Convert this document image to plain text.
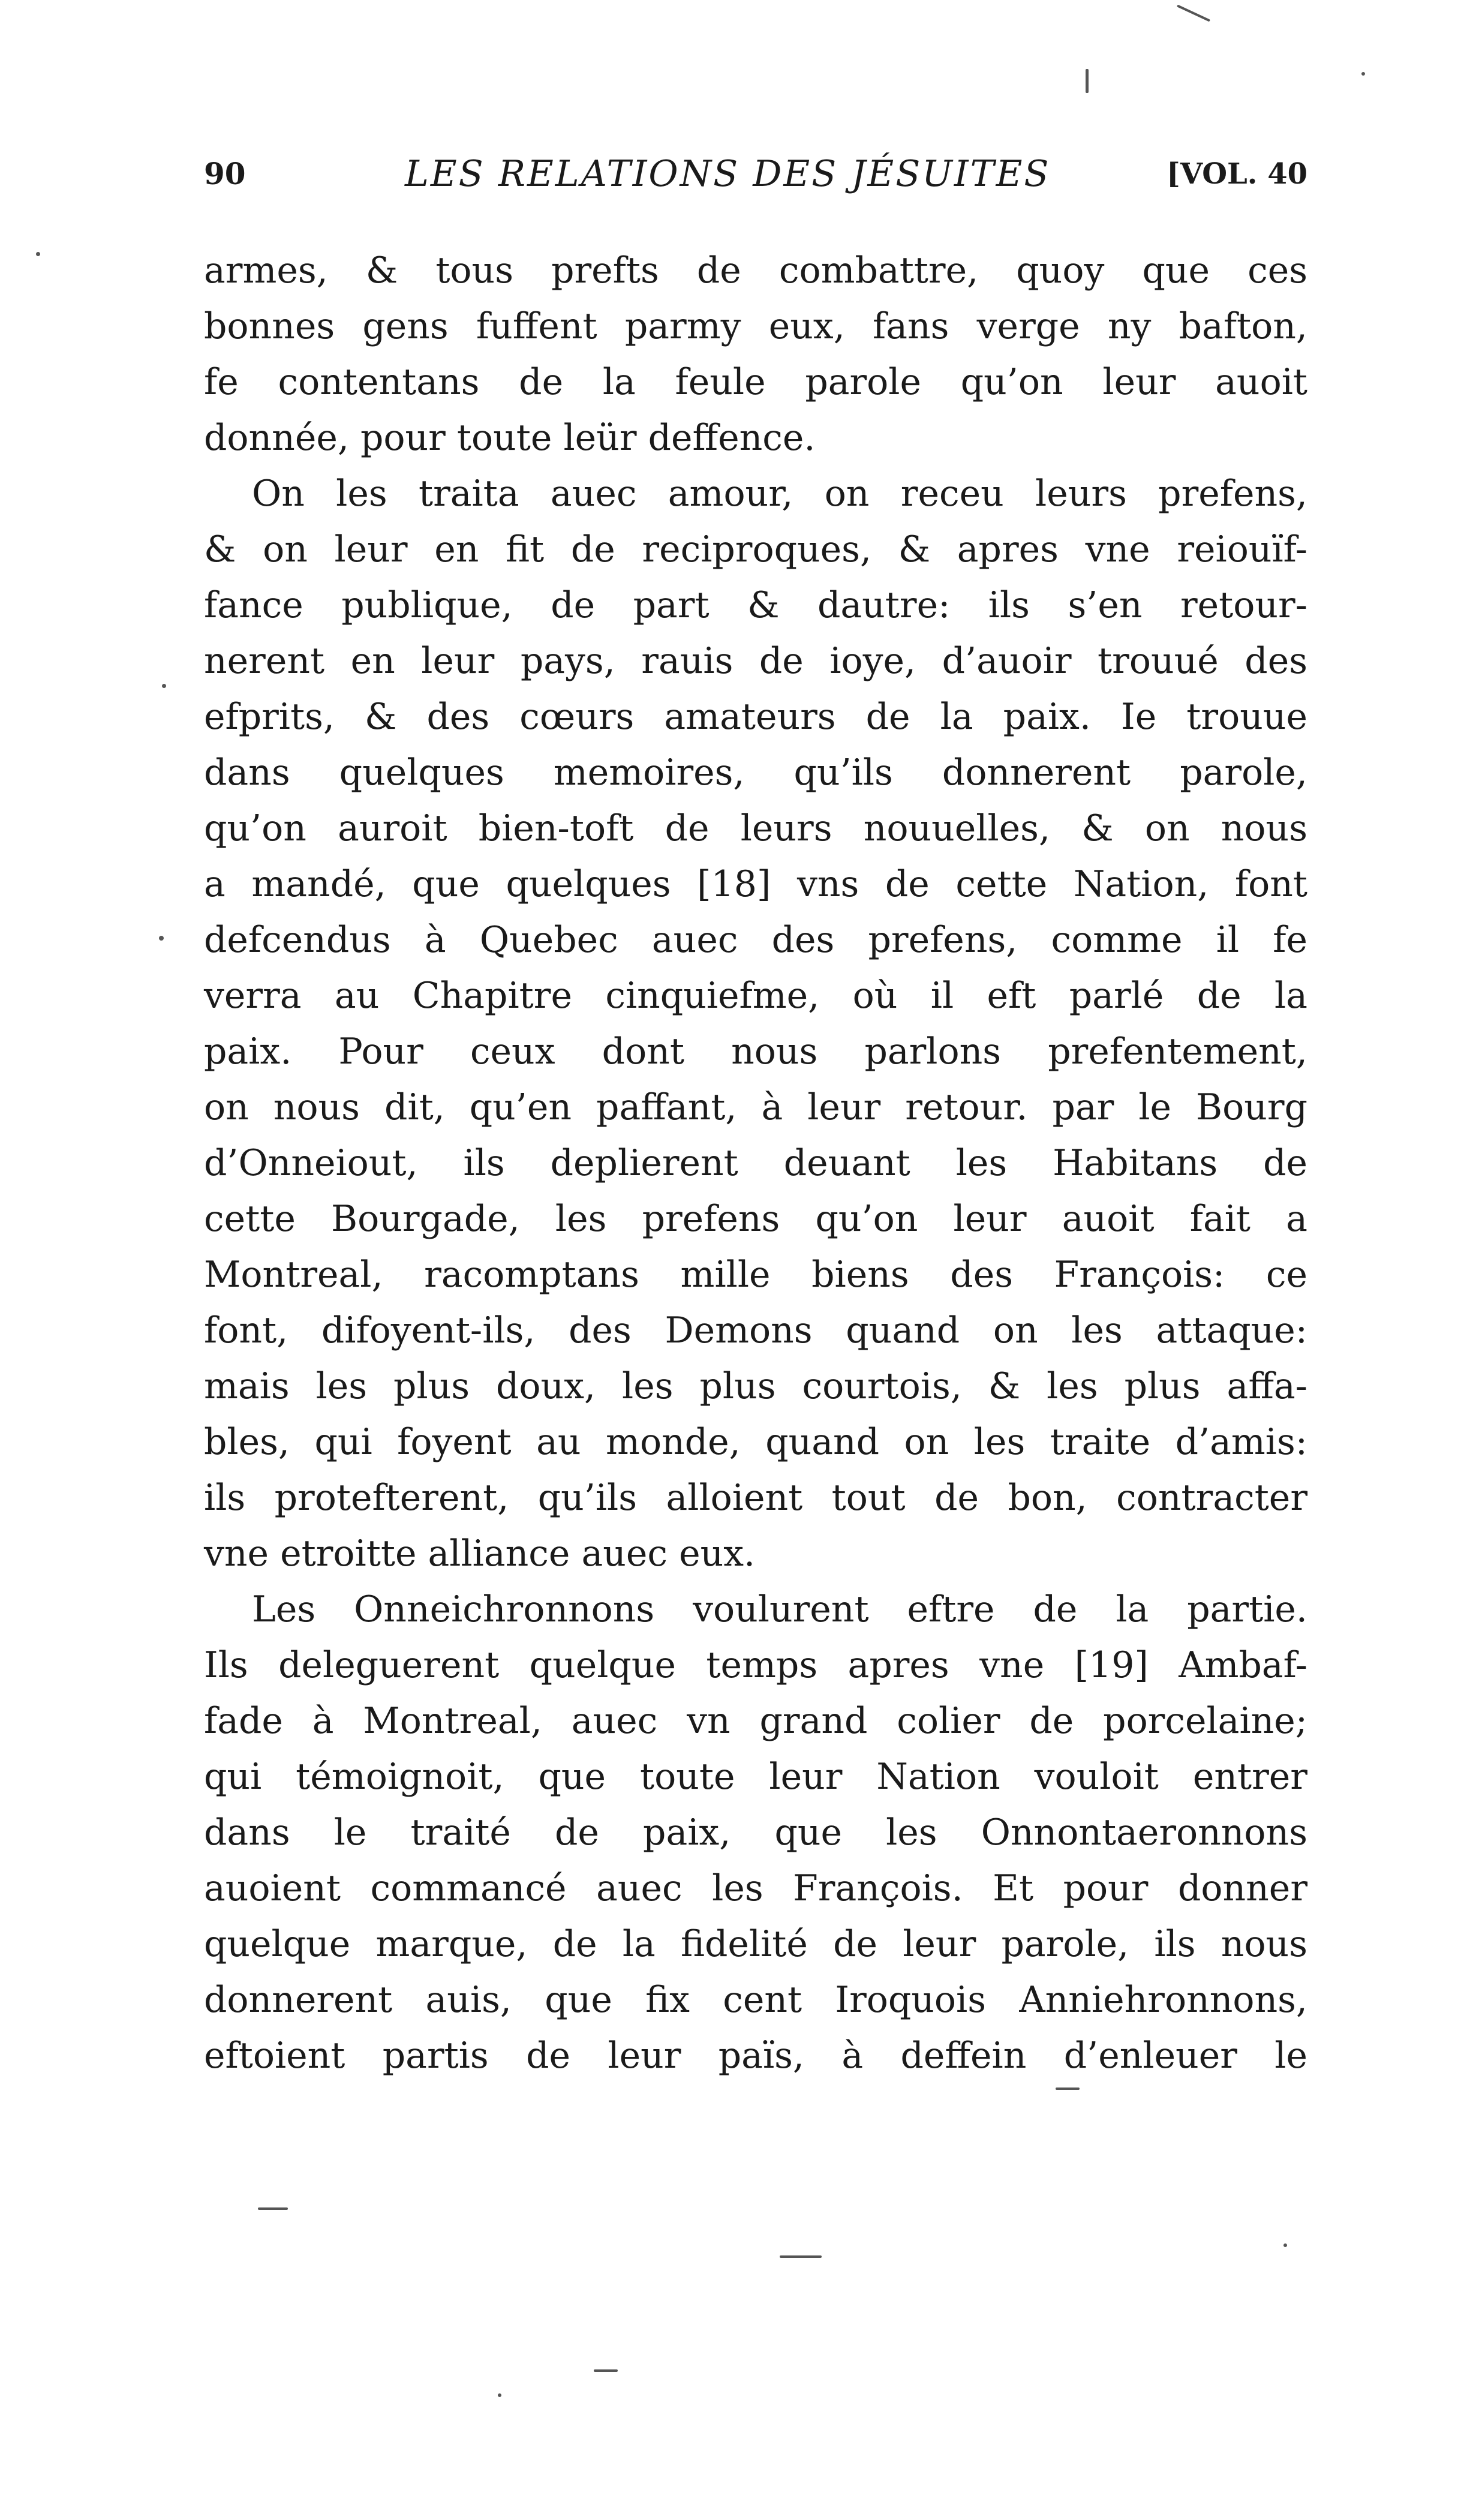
90	LES RELATIONS DES JÉSUITES	[VOL. 40
armes, & tous prefts de combattre, quoy que ces
bonnes gens fuffent parmy eux, fans verge ny bafton,
fe contentans de la feule parole qu’on leur auoit
donnée, pour toute leür deffence.
On les traita auec amour, on receu leurs prefens,
& on leur en fit de reciproques, & apres vne reiouïf-
fance publique, de part & dautre: ils s’en retour-
nerent en leur pays, rauis de ioye, d’auoir trouué des
efprits, & des cœurs amateurs de la paix. Ie trouue
dans quelques memoires, qu’ils donnerent parole,
qu’on auroit bien-toft de leurs nouuelles, & on nous
a mandé, que quelques [18] vns de cette Nation, font
defcendus à Quebec auec des prefens, comme il fe
verra au Chapitre cinquiefme, où il eft parlé de la
paix. Pour ceux dont nous parlons prefentement,
on nous dit, qu’en paffant, à leur retour. par le Bourg
d’Onneiout, ils deplierent deuant les Habitans de
cette Bourgade, les prefens qu’on leur auoit fait a
Montreal, racomptans mille biens des François: ce
font, difoyent-ils, des Demons quand on les attaque:
mais les plus doux, les plus courtois, & les plus affa-
bles, qui foyent au monde, quand on les traite d’amis:
ils protefterent, qu’ils alloient tout de bon, contracter
vne etroitte alliance auec eux.
Les Onneichronnons voulurent eftre de la partie.
Ils deleguerent quelque temps apres vne [19] Ambaf-
fade à Montreal, auec vn grand colier de porcelaine;
qui témoignoit, que toute leur Nation vouloit entrer
dans le traité de paix, que les Onnontaeronnons
auoient commancé auec les François. Et pour donner
quelque marque, de la fidelité de leur parole, ils nous
donnerent auis, que fix cent Iroquois Anniehronnons,
eftoient partis de leur païs, à deffein d’enleuer le
